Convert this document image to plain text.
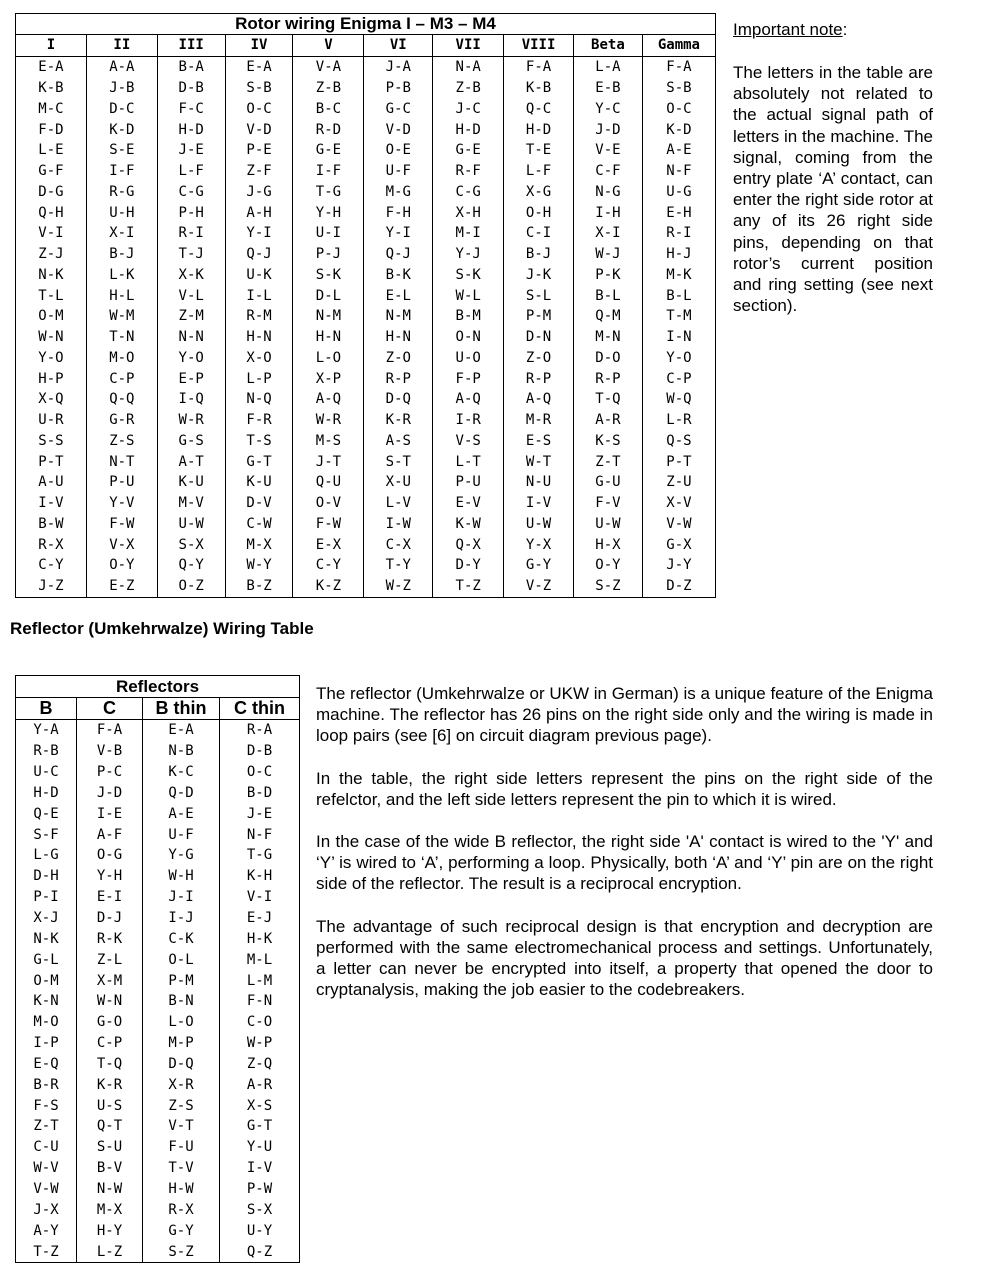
Rotor wiring Enigma I – M3 – M4									
I	II	III	IV	V	VI	VII	VIII	Beta	Gamma
E-A	A-A	B-A	E-A	V-A	J-A	N-A	F-A	L-A	F-A
K-B	J-B	D-B	S-B	Z-B	P-B	Z-B	K-B	E-B	S-B
M-C	D-C	F-C	O-C	B-C	G-C	J-C	Q-C	Y-C	O-C
F-D	K-D	H-D	V-D	R-D	V-D	H-D	H-D	J-D	K-D
L-E	S-E	J-E	P-E	G-E	O-E	G-E	T-E	V-E	A-E
G-F	I-F	L-F	Z-F	I-F	U-F	R-F	L-F	C-F	N-F
D-G	R-G	C-G	J-G	T-G	M-G	C-G	X-G	N-G	U-G
Q-H	U-H	P-H	A-H	Y-H	F-H	X-H	O-H	I-H	E-H
V-I	X-I	R-I	Y-I	U-I	Y-I	M-I	C-I	X-I	R-I
Z-J	B-J	T-J	Q-J	P-J	Q-J	Y-J	B-J	W-J	H-J
N-K	L-K	X-K	U-K	S-K	B-K	S-K	J-K	P-K	M-K
T-L	H-L	V-L	I-L	D-L	E-L	W-L	S-L	B-L	B-L
O-M	W-M	Z-M	R-M	N-M	N-M	B-M	P-M	Q-M	T-M
W-N	T-N	N-N	H-N	H-N	H-N	O-N	D-N	M-N	I-N
Y-O	M-O	Y-O	X-O	L-O	Z-O	U-O	Z-O	D-O	Y-O
H-P	C-P	E-P	L-P	X-P	R-P	F-P	R-P	R-P	C-P
X-Q	Q-Q	I-Q	N-Q	A-Q	D-Q	A-Q	A-Q	T-Q	W-Q
U-R	G-R	W-R	F-R	W-R	K-R	I-R	M-R	A-R	L-R
S-S	Z-S	G-S	T-S	M-S	A-S	V-S	E-S	K-S	Q-S
P-T	N-T	A-T	G-T	J-T	S-T	L-T	W-T	Z-T	P-T
A-U	P-U	K-U	K-U	Q-U	X-U	P-U	N-U	G-U	Z-U
I-V	Y-V	M-V	D-V	O-V	L-V	E-V	I-V	F-V	X-V
B-W	F-W	U-W	C-W	F-W	I-W	K-W	U-W	U-W	V-W
R-X	V-X	S-X	M-X	E-X	C-X	Q-X	Y-X	H-X	G-X
C-Y	O-Y	Q-Y	W-Y	C-Y	T-Y	D-Y	G-Y	O-Y	J-Y
J-Z	E-Z	O-Z	B-Z	K-Z	W-Z	T-Z	V-Z	S-Z	D-Z

Important note:

The letters in the table are absolutely not related to the actual signal path of letters in the machine. The signal, coming from the entry plate ‘A’ contact, can enter the right side rotor at any of its 26 right side pins, depending on that rotor’s current position and ring setting (see next section).

Reflector (Umkehrwalze) Wiring Table

Reflectors			
B	C	B thin	C thin
Y-A	F-A	E-A	R-A
R-B	V-B	N-B	D-B
U-C	P-C	K-C	O-C
H-D	J-D	Q-D	B-D
Q-E	I-E	A-E	J-E
S-F	A-F	U-F	N-F
L-G	O-G	Y-G	T-G
D-H	Y-H	W-H	K-H
P-I	E-I	J-I	V-I
X-J	D-J	I-J	E-J
N-K	R-K	C-K	H-K
G-L	Z-L	O-L	M-L
O-M	X-M	P-M	L-M
K-N	W-N	B-N	F-N
M-O	G-O	L-O	C-O
I-P	C-P	M-P	W-P
E-Q	T-Q	D-Q	Z-Q
B-R	K-R	X-R	A-R
F-S	U-S	Z-S	X-S
Z-T	Q-T	V-T	G-T
C-U	S-U	F-U	Y-U
W-V	B-V	T-V	I-V
V-W	N-W	H-W	P-W
J-X	M-X	R-X	S-X
A-Y	H-Y	G-Y	U-Y
T-Z	L-Z	S-Z	Q-Z

The reflector (Umkehrwalze or UKW in German) is a unique feature of the Enigma machine. The reflector has 26 pins on the right side only and the wiring is made in loop pairs (see [6] on circuit diagram previous page).

In the table, the right side letters represent the pins on the right side of the refelctor, and the left side letters represent the pin to which it is wired.

In the case of the wide B reflector, the right side 'A' contact is wired to the 'Y' and ‘Y’ is wired to ‘A’, performing a loop. Physically, both ‘A’ and ‘Y’ pin are on the right side of the reflector. The result is a reciprocal encryption.

The advantage of such reciprocal design is that encryption and decryption are performed with the same electromechanical process and settings. Unfortunately, a letter can never be encrypted into itself, a property that opened the door to cryptanalysis, making the job easier to the codebreakers.
